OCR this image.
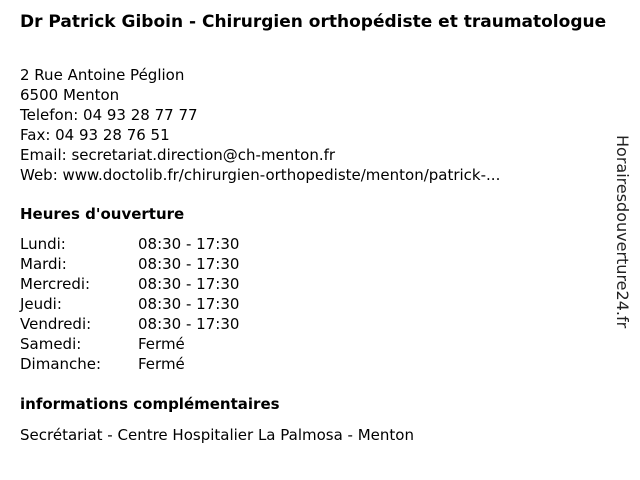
Dr Patrick Giboin - Chirurgien orthopédiste et traumatologue
2 Rue Antoine Péglion
6500 Menton
Telefon: 04 93 28 77 77
Fax: 04 93 28 76 51
Email: secretariat.direction@ch-menton.fr
Web: www.doctolib.fr/chirurgien-orthopediste/menton/patrick-...
Heures d'ouverture
Lundi:	08:30 - 17:30
Mardi:	08:30 - 17:30
Mercredi:	08:30 - 17:30
Jeudi:	08:30 - 17:30
Vendredi:	08:30 - 17:30
Samedi:	Fermé
Dimanche: Fermé
informations complémentaires
Secrétariat - Centre Hospitalier La Palmosa - Menton
Horairesdouverture24.fr
